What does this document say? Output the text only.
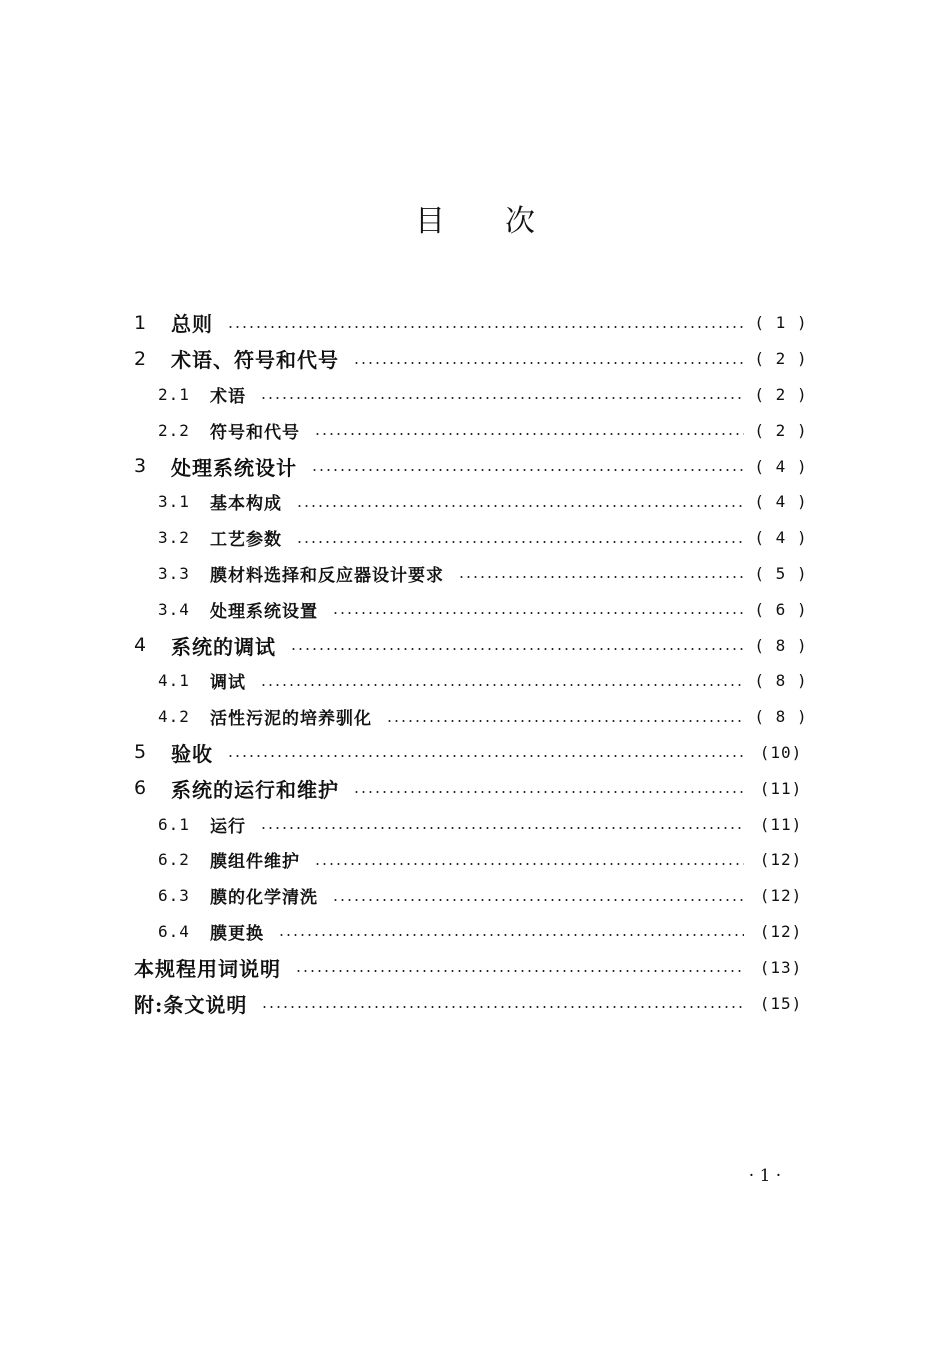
目 次
1	总则	( 1 )
2	术语、符号和代号	( 2 )
2.1	术语	( 2 )
2.2	符号和代号	( 2 )
3	处理系统设计	( 4 )
3.1	基本构成	( 4 )
3.2	工艺参数	( 4 )
3.3	膜材料选择和反应器设计要求	( 5 )
3.4	处理系统设置	( 6 )
4	系统的调试	( 8 )
4.1	调试	( 8 )
4.2	活性污泥的培养驯化	( 8 )
5	验收	(10)
6	系统的运行和维护	(11)
6.1	运行	(11)
6.2	膜组件维护	(12)
6.3	膜的化学清洗	(12)
6.4	膜更换	(12)
本规程用词说明	(13)
附:条文说明	(15)
· 1 ·
